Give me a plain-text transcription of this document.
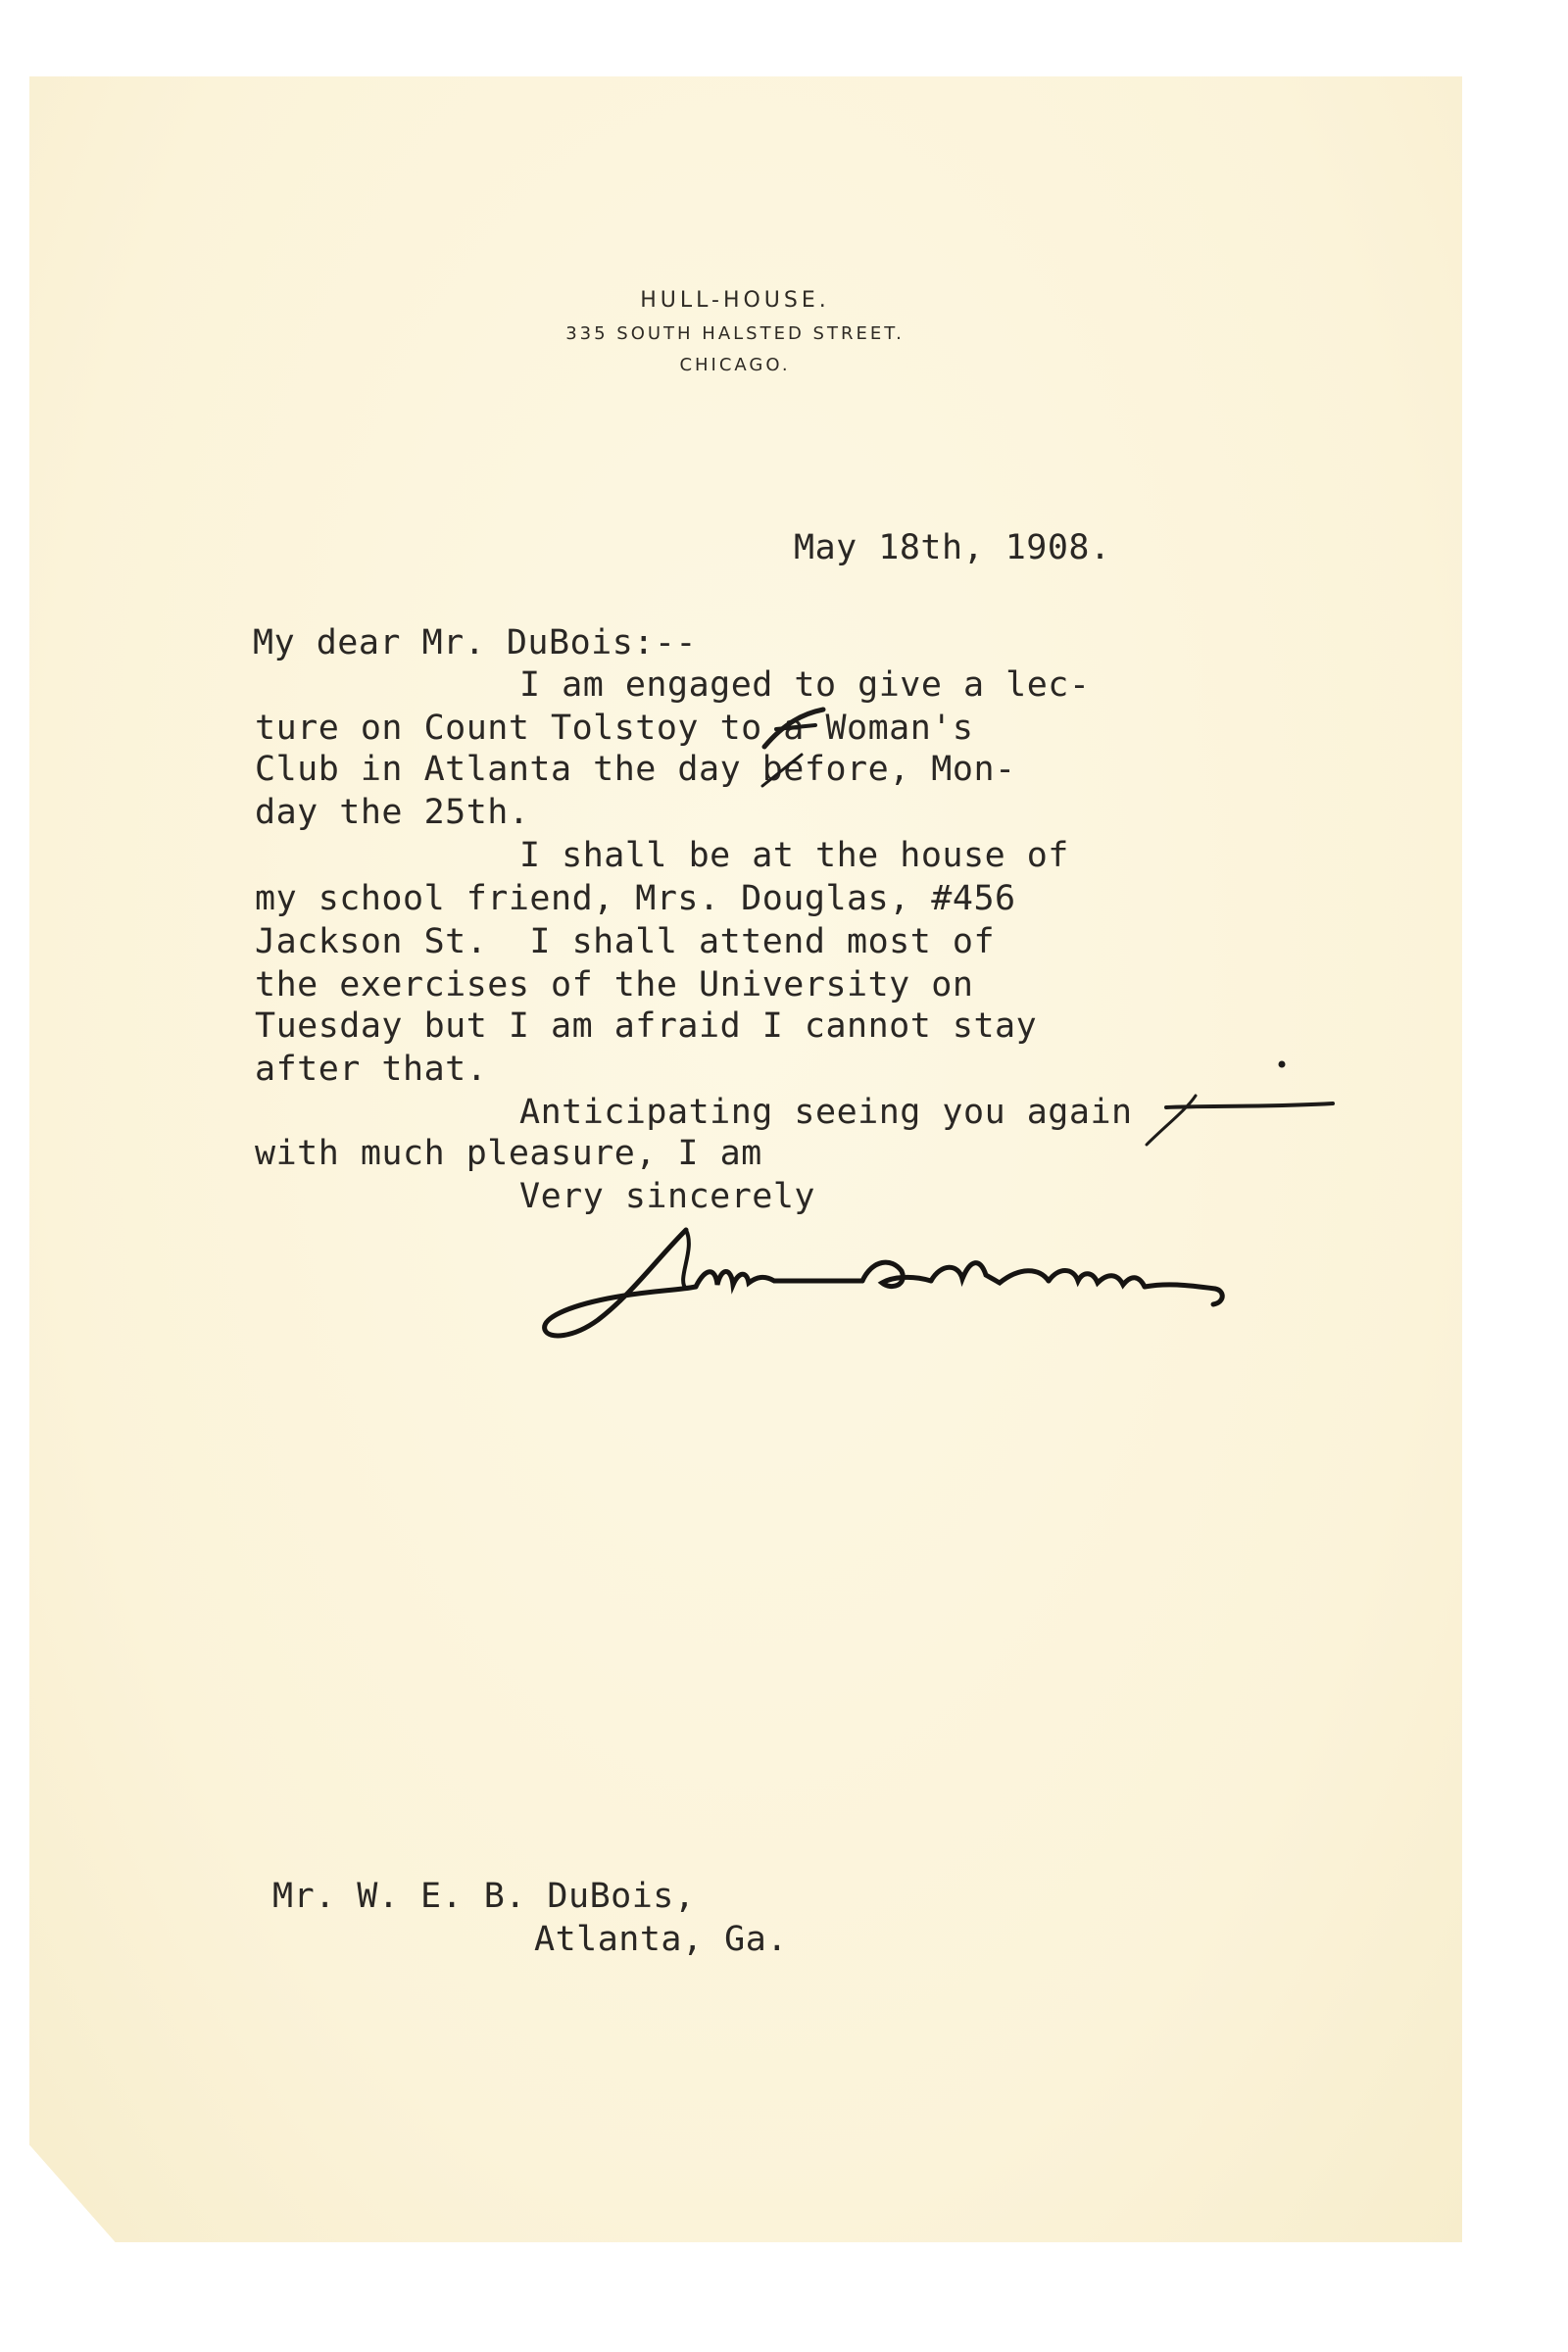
HULL-HOUSE.
335 SOUTH HALSTED STREET.
CHICAGO.
May 18th, 1908.
My dear Mr. DuBois:--
I am engaged to give a lec-
ture on Count Tolstoy to a Woman's
Club in Atlanta the day before, Mon-
day the 25th.
I shall be at the house of
my school friend, Mrs. Douglas, #456
Jackson St.  I shall attend most of
the exercises of the University on
Tuesday but I am afraid I cannot stay
after that.
Anticipating seeing you again
with much pleasure, I am
Very sincerely
Mr. W. E. B. DuBois,
Atlanta, Ga.
